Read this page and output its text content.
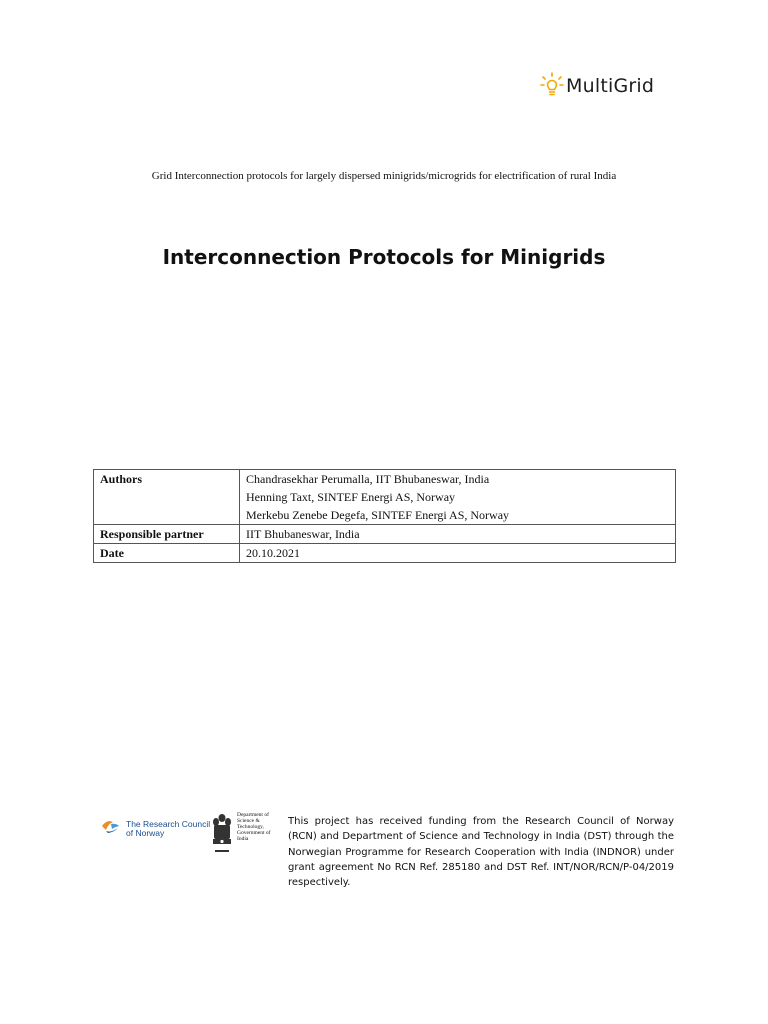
MultiGrid
Grid Interconnection protocols for largely dispersed minigrids/microgrids for electrification of rural India
Interconnection Protocols for Minigrids
Authors	Chandrasekhar Perumalla, IIT Bhubaneswar, India
Henning Taxt, SINTEF Energi AS, Norway
Merkebu Zenebe Degefa, SINTEF Energi AS, Norway

Responsible partner	IIT Bhubaneswar, India
Date	20.10.2021
The Research Council
of Norway
Department of
Science &
Technology,
Government of
India
This project has received funding from the Research Council of Norway (RCN) and Department of Science and Technology in India (DST) through the Norwegian Programme for Research Cooperation with India (INDNOR) under grant agreement No RCN Ref. 285180 and DST Ref. INT/NOR/RCN/P-04/2019 respectively.
